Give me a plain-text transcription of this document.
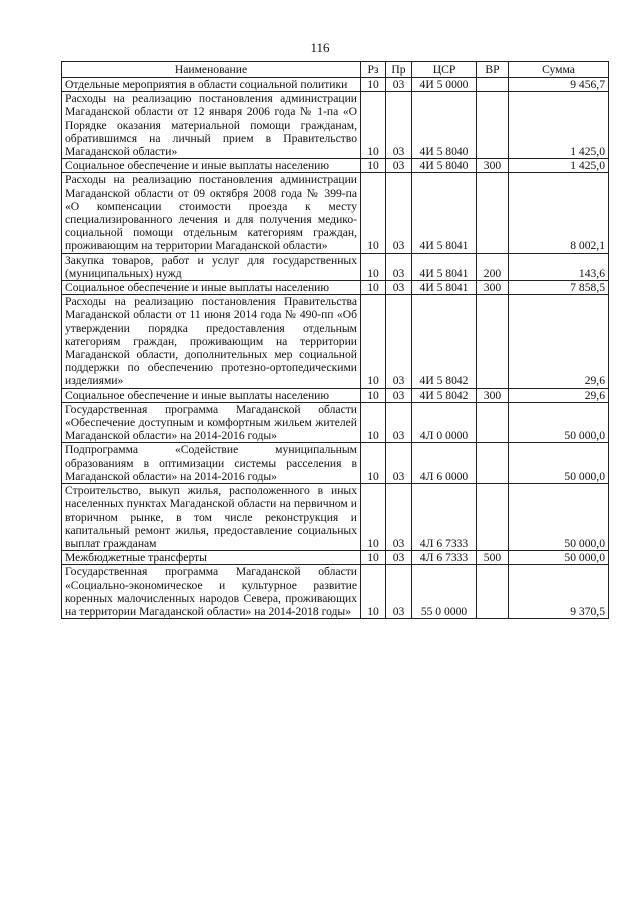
116
Наименование	Рз	Пр	ЦСР	ВР	Сумма
Отдельные мероприятия в области социальной политики	10	03	4И 5 0000		9 456,7
Расходы на реализацию постановления администрации Магаданской области от 12 января 2006 года № 1-па «О Порядке оказания материальной помощи гражданам, обратившимся на личный прием в Правительство Магаданской области»	10	03	4И 5 8040		1 425,0
Социальное обеспечение и иные выплаты населению	10	03	4И 5 8040	300	1 425,0
Расходы на реализацию постановления администрации Магаданской области от 09 октября 2008 года № 399-па «О компенсации стоимости проезда к месту специализированного лечения и для получения медико-социальной помощи отдельным категориям граждан, проживающим на территории Магаданской области»	10	03	4И 5 8041		8 002,1
Закупка товаров, работ и услуг для государственных (муниципальных) нужд	10	03	4И 5 8041	200	143,6
Социальное обеспечение и иные выплаты населению	10	03	4И 5 8041	300	7 858,5
Расходы на реализацию постановления Правительства Магаданской области от 11 июня 2014 года № 490-пп «Об утверждении порядка предоставления отдельным категориям граждан, проживающим на территории Магаданской области, дополнительных мер социальной поддержки по обеспечению протезно-ортопедическими изделиями»	10	03	4И 5 8042		29,6
Социальное обеспечение и иные выплаты населению	10	03	4И 5 8042	300	29,6
Государственная программа Магаданской области «Обеспечение доступным и комфортным жильем жителей Магаданской области» на 2014-2016 годы»	10	03	4Л 0 0000		50 000,0
Подпрограмма «Содействие муниципальным образованиям в оптимизации системы расселения в Магаданской области» на 2014-2016 годы»	10	03	4Л 6 0000		50 000,0
Строительство, выкуп жилья, расположенного в иных населенных пунктах Магаданской области на первичном и вторичном рынке, в том числе реконструкция и капитальный ремонт жилья, предоставление социальных выплат гражданам	10	03	4Л 6 7333		50 000,0
Межбюджетные трансферты	10	03	4Л 6 7333	500	50 000,0
Государственная программа Магаданской области «Социально-экономическое и культурное развитие коренных малочисленных народов Севера, проживающих на территории Магаданской области» на 2014-2018 годы»	10	03	55 0 0000		9 370,5
